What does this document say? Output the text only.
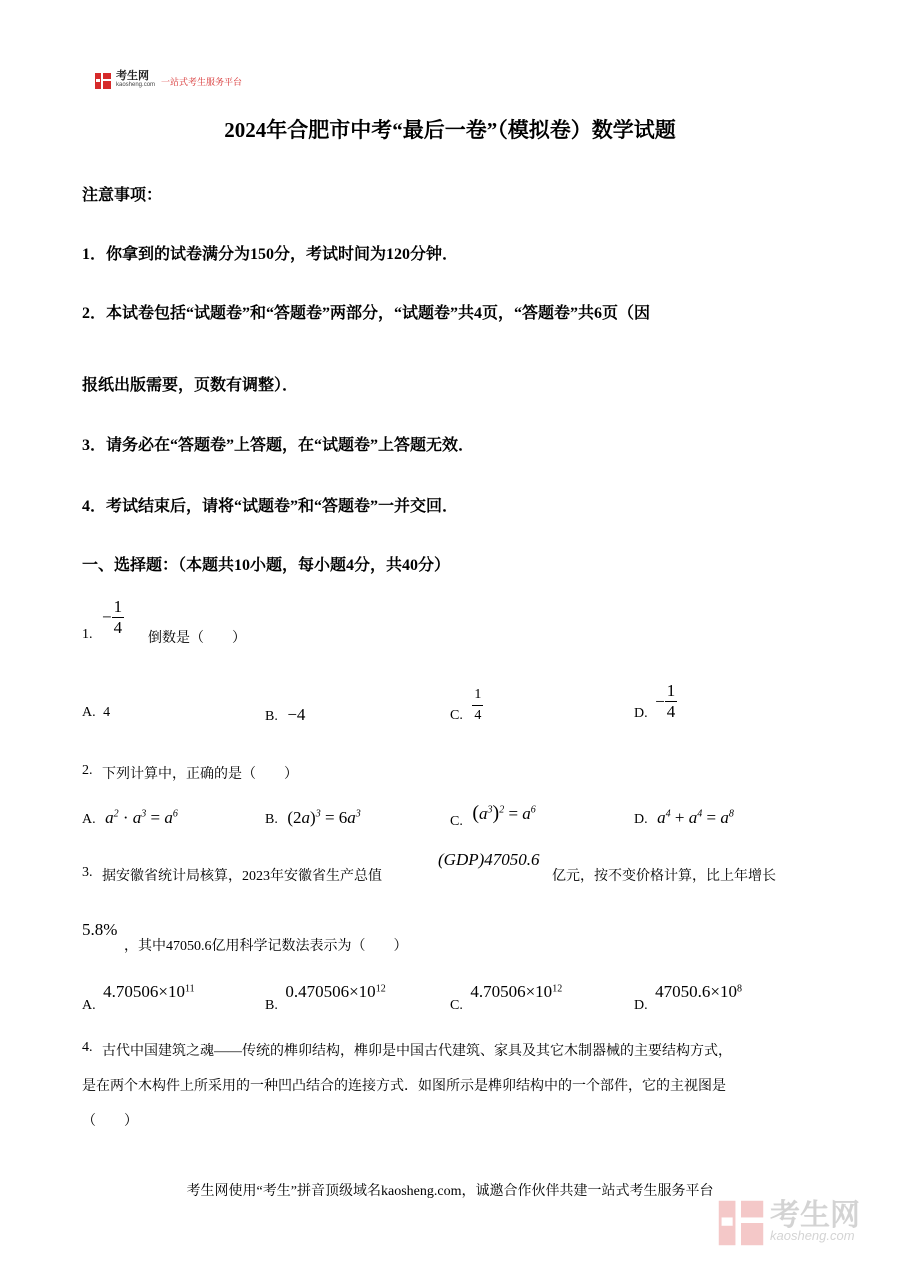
考生网
kaosheng.com 一站式考生服务平台
2024年合肥市中考“最后一卷”（模拟卷）数学试题
注意事项：
1．你拿到的试卷满分为150分，考试时间为120分钟．
2．本试卷包括“试题卷”和“答题卷”两部分，“试题卷”共4页，“答题卷”共6页（因
报纸出版需要，页数有调整）．
3．请务必在“答题卷”上答题，在“试题卷”上答题无效．
4．考试结束后，请将“试题卷”和“答题卷”一并交回．
一、选择题：（本题共10小题，每小题4分，共40分）
1.
− $\frac{1}{4}$
倒数是（　　）
A. 4	B. −4	C. $\frac{1}{4}$	D. − $\frac{1}{4}$
2. 下列计算中，正确的是（　　）
A. $a^2 \cdot a^3 = a^6$	B. $(2a)^3 = 6a^3$
C. $(a^3)^2 = a^6$
D. $a^4 + a^4 = a^8$
3. 据安徽省统计局核算，2023年安徽省生产总值
(GDP)47050.6
亿元，按不变价格计算，比上年增长
5.8%
，其中47050.6亿用科学记数法表示为（　　）
A. $4.70506\times 10^{11}$
B. $0.470506\times 10^{12}$
C. $4.70506\times 10^{12}$
D. $47050.6\times 10^8$
4. 古代中国建筑之魂——传统的榫卯结构，榫卯是中国古代建筑、家具及其它木制器械的主要结构方式，
是在两个木构件上所采用的一种凹凸结合的连接方式．如图所示是榫卯结构中的一个部件，它的主视图是
（　　）
考生网使用“考生”拼音顶级域名kaosheng.com，诚邀合作伙伴共建一站式考生服务平台

考生网
kaosheng.com
